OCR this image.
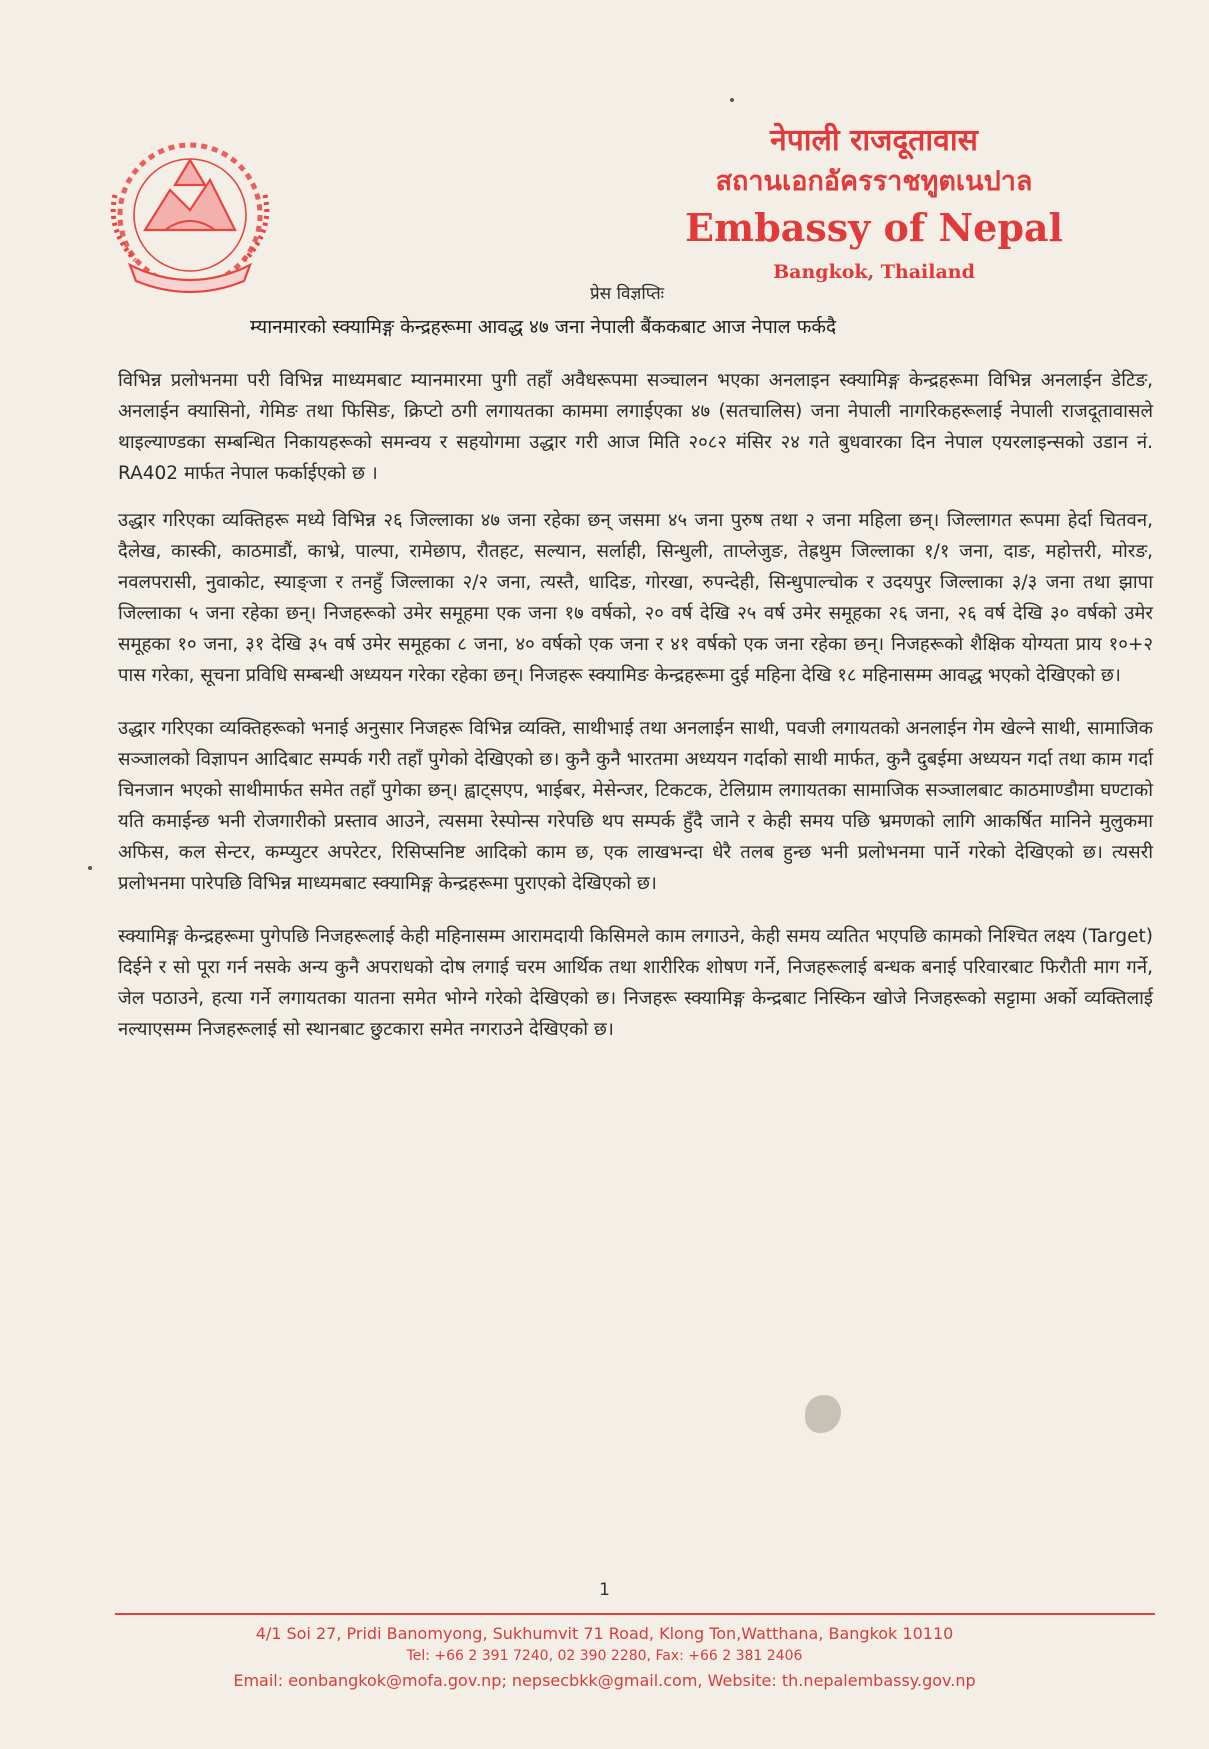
नेपाली राजदूतावास
สถานเอกอัครราชทูตเนปาล
Embassy of Nepal
Bangkok, Thailand
प्रेस विज्ञप्तिः
म्यानमारको स्क्यामिङ्ग केन्द्रहरूमा आवद्ध ४७ जना नेपाली बैंककबाट आज नेपाल फर्कदै

विभिन्न प्रलोभनमा परी विभिन्न माध्यमबाट म्यानमारमा पुगी तहाँ अवैधरूपमा सञ्चालन भएका अनलाइन स्क्यामिङ्ग केन्द्रहरूमा विभिन्न अनलाईन डेटिङ, अनलाईन क्यासिनो, गेमिङ तथा फिसिङ, क्रिप्टो ठगी लगायतका काममा लगाईएका ४७ (सतचालिस) जना नेपाली नागरिकहरूलाई नेपाली राजदूतावासले थाइल्याण्डका सम्बन्धित निकायहरूको समन्वय र सहयोगमा उद्धार गरी आज मिति २०८२ मंसिर २४ गते बुधवारका दिन नेपाल एयरलाइन्सको उडान नं. RA402 मार्फत नेपाल फर्काईएको छ ।

उद्धार गरिएका व्यक्तिहरू मध्ये विभिन्न २६ जिल्लाका ४७ जना रहेका छन् जसमा ४५ जना पुरुष तथा २ जना महिला छन्। जिल्लागत रूपमा हेर्दा चितवन, दैलेख, कास्की, काठमाडौं, काभ्रे, पाल्पा, रामेछाप, रौतहट, सल्यान, सर्लाही, सिन्धुली, ताप्लेजुङ, तेह्रथुम जिल्लाका १/१ जना, दाङ, महोत्तरी, मोरङ, नवलपरासी, नुवाकोट, स्याङ्जा र तनहुँ जिल्लाका २/२ जना, त्यस्तै, धादिङ, गोरखा, रुपन्देही, सिन्धुपाल्चोक र उदयपुर जिल्लाका ३/३ जना तथा झापा जिल्लाका ५ जना रहेका छन्। निजहरूको उमेर समूहमा एक जना १७ वर्षको, २० वर्ष देखि २५ वर्ष उमेर समूहका २६ जना, २६ वर्ष देखि ३० वर्षको उमेर समूहका १० जना, ३१ देखि ३५ वर्ष उमेर समूहका ८ जना, ४० वर्षको एक जना र ४१ वर्षको एक जना रहेका छन्। निजहरूको शैक्षिक योग्यता प्राय १०+२ पास गरेका, सूचना प्रविधि सम्बन्धी अध्ययन गरेका रहेका छन्। निजहरू स्क्यामिङ केन्द्रहरूमा दुई महिना देखि १८ महिनासम्म आवद्ध भएको देखिएको छ।

उद्धार गरिएका व्यक्तिहरूको भनाई अनुसार निजहरू विभिन्न व्यक्ति, साथीभाई तथा अनलाईन साथी, पवजी लगायतको अनलाईन गेम खेल्ने साथी, सामाजिक सञ्जालको विज्ञापन आदिबाट सम्पर्क गरी तहाँ पुगेको देखिएको छ। कुनै कुनै भारतमा अध्ययन गर्दाको साथी मार्फत, कुनै दुबईमा अध्ययन गर्दा तथा काम गर्दा चिनजान भएको साथीमार्फत समेत तहाँ पुगेका छन्। ह्वाट्सएप, भाईबर, मेसेन्जर, टिकटक, टेलिग्राम लगायतका सामाजिक सञ्जालबाट काठमाण्डौमा घण्टाको यति कमाईन्छ भनी रोजगारीको प्रस्ताव आउने, त्यसमा रेस्पोन्स गरेपछि थप सम्पर्क हुँदै जाने र केही समय पछि भ्रमणको लागि आकर्षित मानिने मुलुकमा अफिस, कल सेन्टर, कम्प्युटर अपरेटर, रिसिप्सनिष्ट आदिको काम छ, एक लाखभन्दा धेरै तलब हुन्छ भनी प्रलोभनमा पार्ने गरेको देखिएको छ। त्यसरी प्रलोभनमा पारेपछि विभिन्न माध्यमबाट स्क्यामिङ्ग केन्द्रहरूमा पुराएको देखिएको छ।

स्क्यामिङ्ग केन्द्रहरूमा पुगेपछि निजहरूलाई केही महिनासम्म आरामदायी किसिमले काम लगाउने, केही समय व्यतित भएपछि कामको निश्चित लक्ष्य (Target) दिईने र सो पूरा गर्न नसके अन्य कुनै अपराधको दोष लगाई चरम आर्थिक तथा शारीरिक शोषण गर्ने, निजहरूलाई बन्धक बनाई परिवारबाट फिरौती माग गर्ने, जेल पठाउने, हत्या गर्ने लगायतका यातना समेत भोग्ने गरेको देखिएको छ। निजहरू स्क्यामिङ्ग केन्द्रबाट निस्किन खोजे निजहरूको सट्टामा अर्को व्यक्तिलाई नल्याएसम्म निजहरूलाई सो स्थानबाट छुटकारा समेत नगराउने देखिएको छ।

1
4/1 Soi 27, Pridi Banomyong, Sukhumvit 71 Road, Klong Ton,Watthana, Bangkok 10110
Tel: +66 2 391 7240, 02 390 2280, Fax: +66 2 381 2406
Email: eonbangkok@mofa.gov.np; nepsecbkk@gmail.com, Website: th.nepalembassy.gov.np
